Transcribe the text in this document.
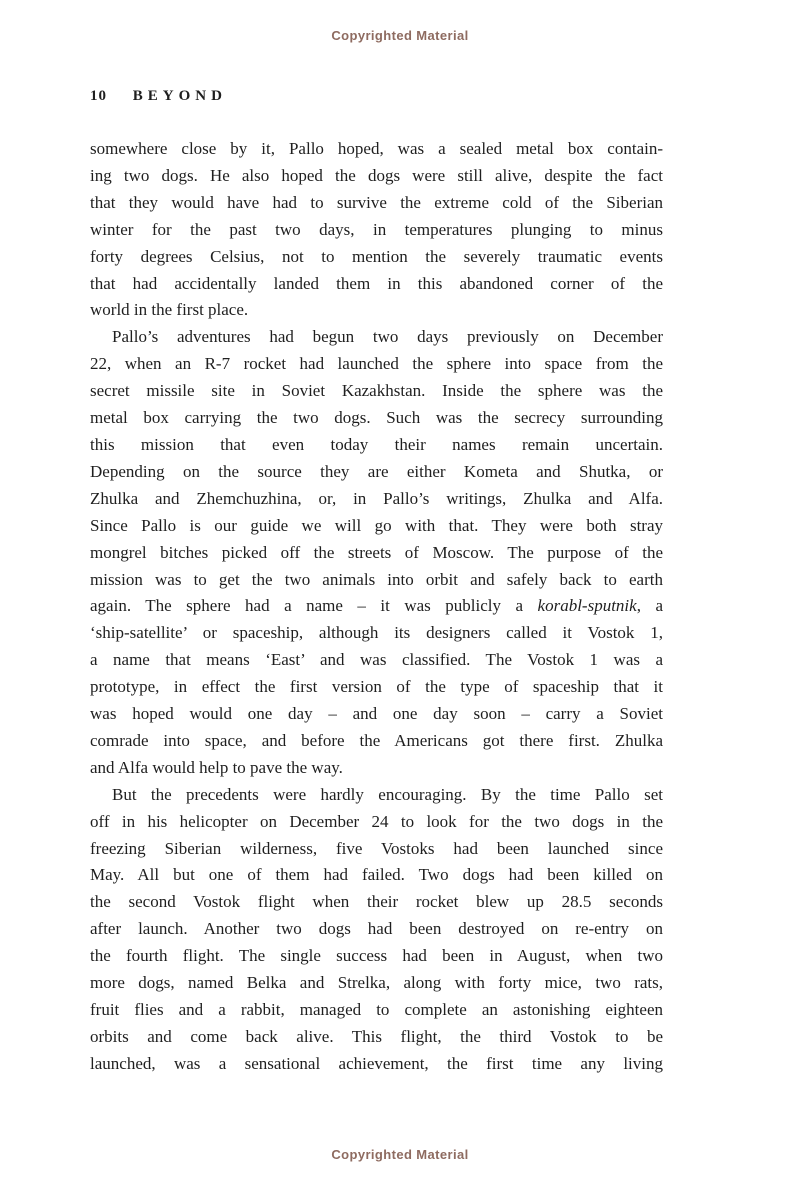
Copyrighted Material
10 BEYOND
somewhere close by it, Pallo hoped, was a sealed metal box contain-
ing two dogs. He also hoped the dogs were still alive, despite the fact
that they would have had to survive the extreme cold of the Siberian
winter for the past two days, in temperatures plunging to minus
forty degrees Celsius, not to mention the severely traumatic events
that had accidentally landed them in this abandoned corner of the
world in the first place.
Pallo’s adventures had begun two days previously on December
22, when an R-7 rocket had launched the sphere into space from the
secret missile site in Soviet Kazakhstan. Inside the sphere was the
metal box carrying the two dogs. Such was the secrecy surrounding
this mission that even today their names remain uncertain.
Depending on the source they are either Kometa and Shutka, or
Zhulka and Zhemchuzhina, or, in Pallo’s writings, Zhulka and Alfa.
Since Pallo is our guide we will go with that. They were both stray
mongrel bitches picked off the streets of Moscow. The purpose of the
mission was to get the two animals into orbit and safely back to earth
again. The sphere had a name – it was publicly a korabl-sputnik, a
‘ship-satellite’ or spaceship, although its designers called it Vostok 1,
a name that means ‘East’ and was classified. The Vostok 1 was a
prototype, in effect the first version of the type of spaceship that it
was hoped would one day – and one day soon – carry a Soviet
comrade into space, and before the Americans got there first. Zhulka
and Alfa would help to pave the way.
But the precedents were hardly encouraging. By the time Pallo set
off in his helicopter on December 24 to look for the two dogs in the
freezing Siberian wilderness, five Vostoks had been launched since
May. All but one of them had failed. Two dogs had been killed on
the second Vostok flight when their rocket blew up 28.5 seconds
after launch. Another two dogs had been destroyed on re-entry on
the fourth flight. The single success had been in August, when two
more dogs, named Belka and Strelka, along with forty mice, two rats,
fruit flies and a rabbit, managed to complete an astonishing eighteen
orbits and come back alive. This flight, the third Vostok to be
launched, was a sensational achievement, the first time any living
Copyrighted Material
